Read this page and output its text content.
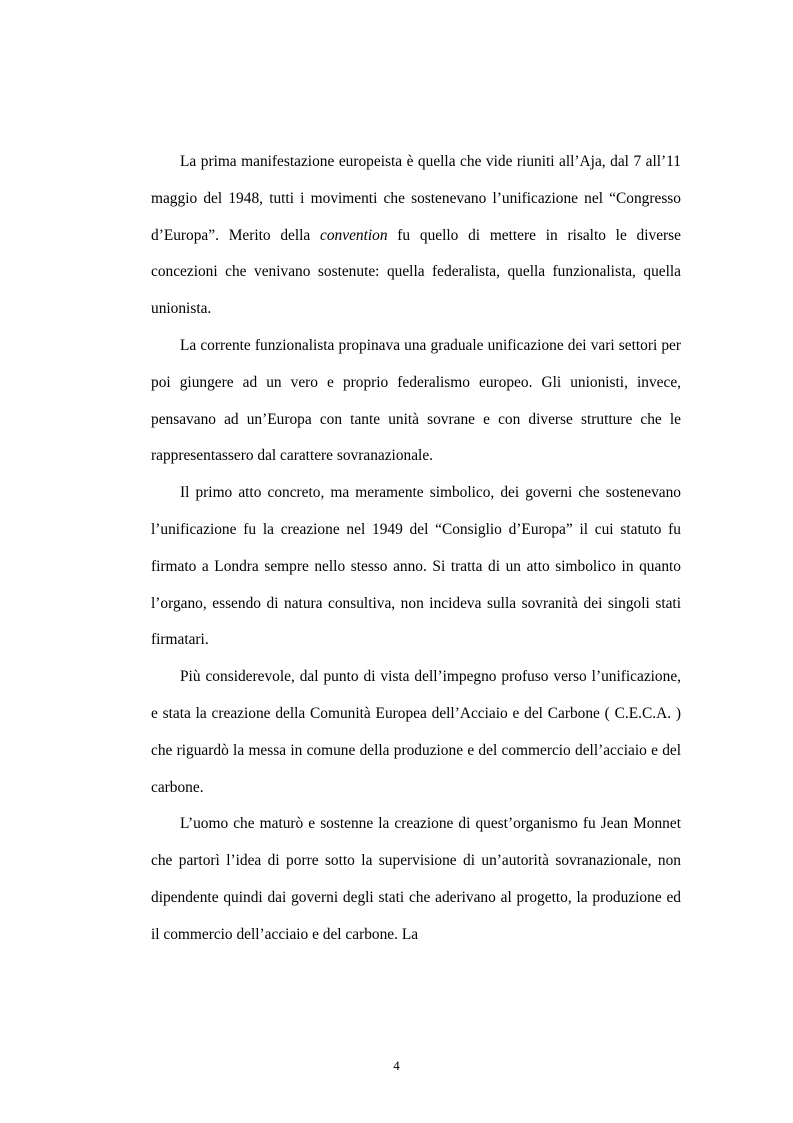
La prima manifestazione europeista è quella che vide riuniti all’Aja, dal 7 all’11 maggio del 1948, tutti i movimenti che sostenevano l’unificazione nel “Congresso d’Europa”. Merito della convention fu quello di mettere in risalto le diverse concezioni che venivano sostenute: quella federalista, quella funzionalista, quella unionista.

La corrente funzionalista propinava una graduale unificazione dei vari settori per poi giungere ad un vero e proprio federalismo europeo. Gli unionisti, invece, pensavano ad un’Europa con tante unità sovrane e con diverse strutture che le rappresentassero dal carattere sovranazionale.

Il primo atto concreto, ma meramente simbolico, dei governi che sostenevano l’unificazione fu la creazione nel 1949 del “Consiglio d’Europa” il cui statuto fu firmato a Londra sempre nello stesso anno. Si tratta di un atto simbolico in quanto l’organo, essendo di natura consultiva, non incideva sulla sovranità dei singoli stati firmatari.

Più considerevole, dal punto di vista dell’impegno profuso verso l’unificazione, e stata la creazione della Comunità Europea dell’Acciaio e del Carbone ( C.E.C.A. ) che riguardò la messa in comune della produzione e del commercio dell’acciaio e del carbone.

L’uomo che maturò e sostenne la creazione di quest’organismo fu Jean Monnet che partorì l’idea di porre sotto la supervisione di un’autorità sovranazionale, non dipendente quindi dai governi degli stati che aderivano al progetto, la produzione ed il commercio dell’acciaio e del carbone. La

4
